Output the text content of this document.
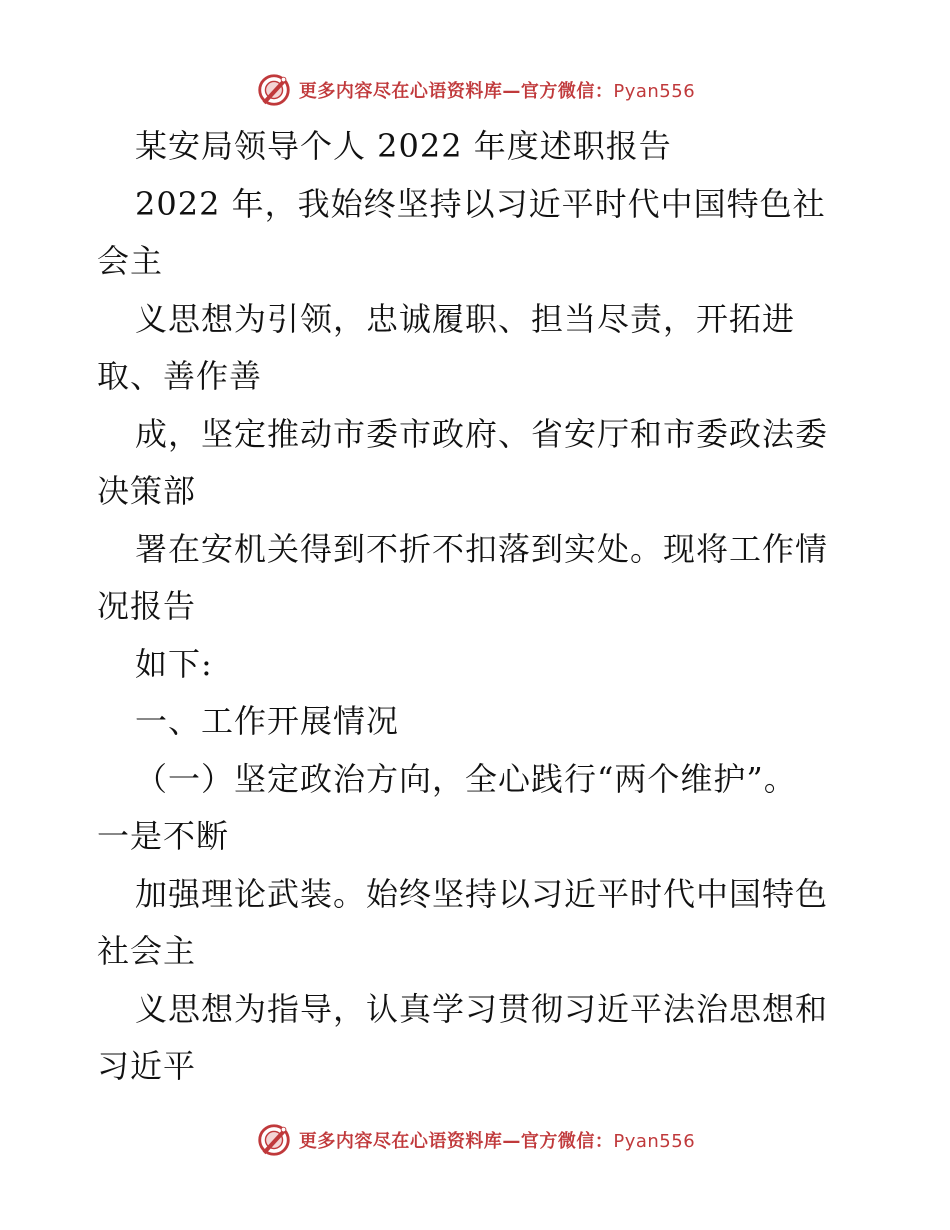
更多内容尽在心语资料库—官方微信：Pyan556
某安局领导个人 2022 年度述职报告
2022 年，我始终坚持以习近平时代中国特色社
会主
义思想为引领，忠诚履职、担当尽责，开拓进
取、善作善
成，坚定推动市委市政府、省安厅和市委政法委
决策部
署在安机关得到不折不扣落到实处。现将工作情
况报告
如下:
一、工作开展情况
（一）坚定政治方向，全心践行“两个维护”。
一是不断
加强理论武装。始终坚持以习近平时代中国特色
社会主
义思想为指导，认真学习贯彻习近平法治思想和
习近平
更多内容尽在心语资料库—官方微信：Pyan556
